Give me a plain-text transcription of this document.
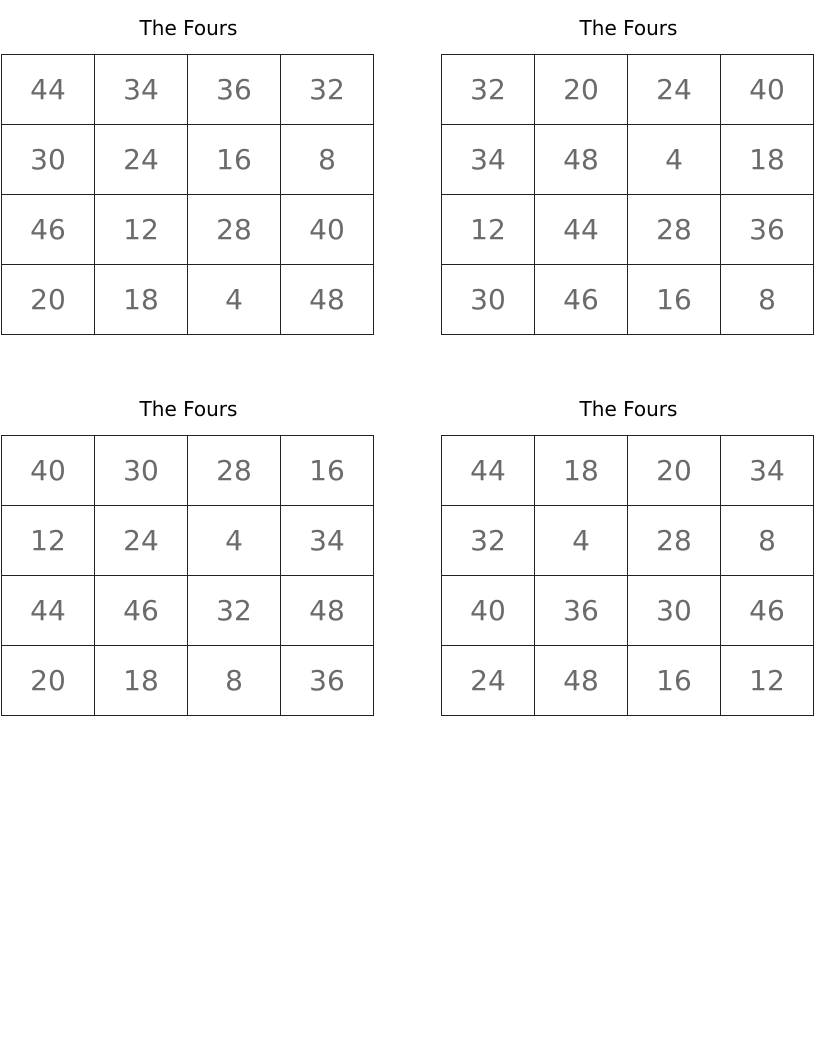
The Fours
44	34	36	32
30	24	16	8
46	12	28	40
20	18	4	48
The Fours
32	20	24	40
34	48	4	18
12	44	28	36
30	46	16	8
The Fours
40	30	28	16
12	24	4	34
44	46	32	48
20	18	8	36
The Fours
44	18	20	34
32	4	28	8
40	36	30	46
24	48	16	12
